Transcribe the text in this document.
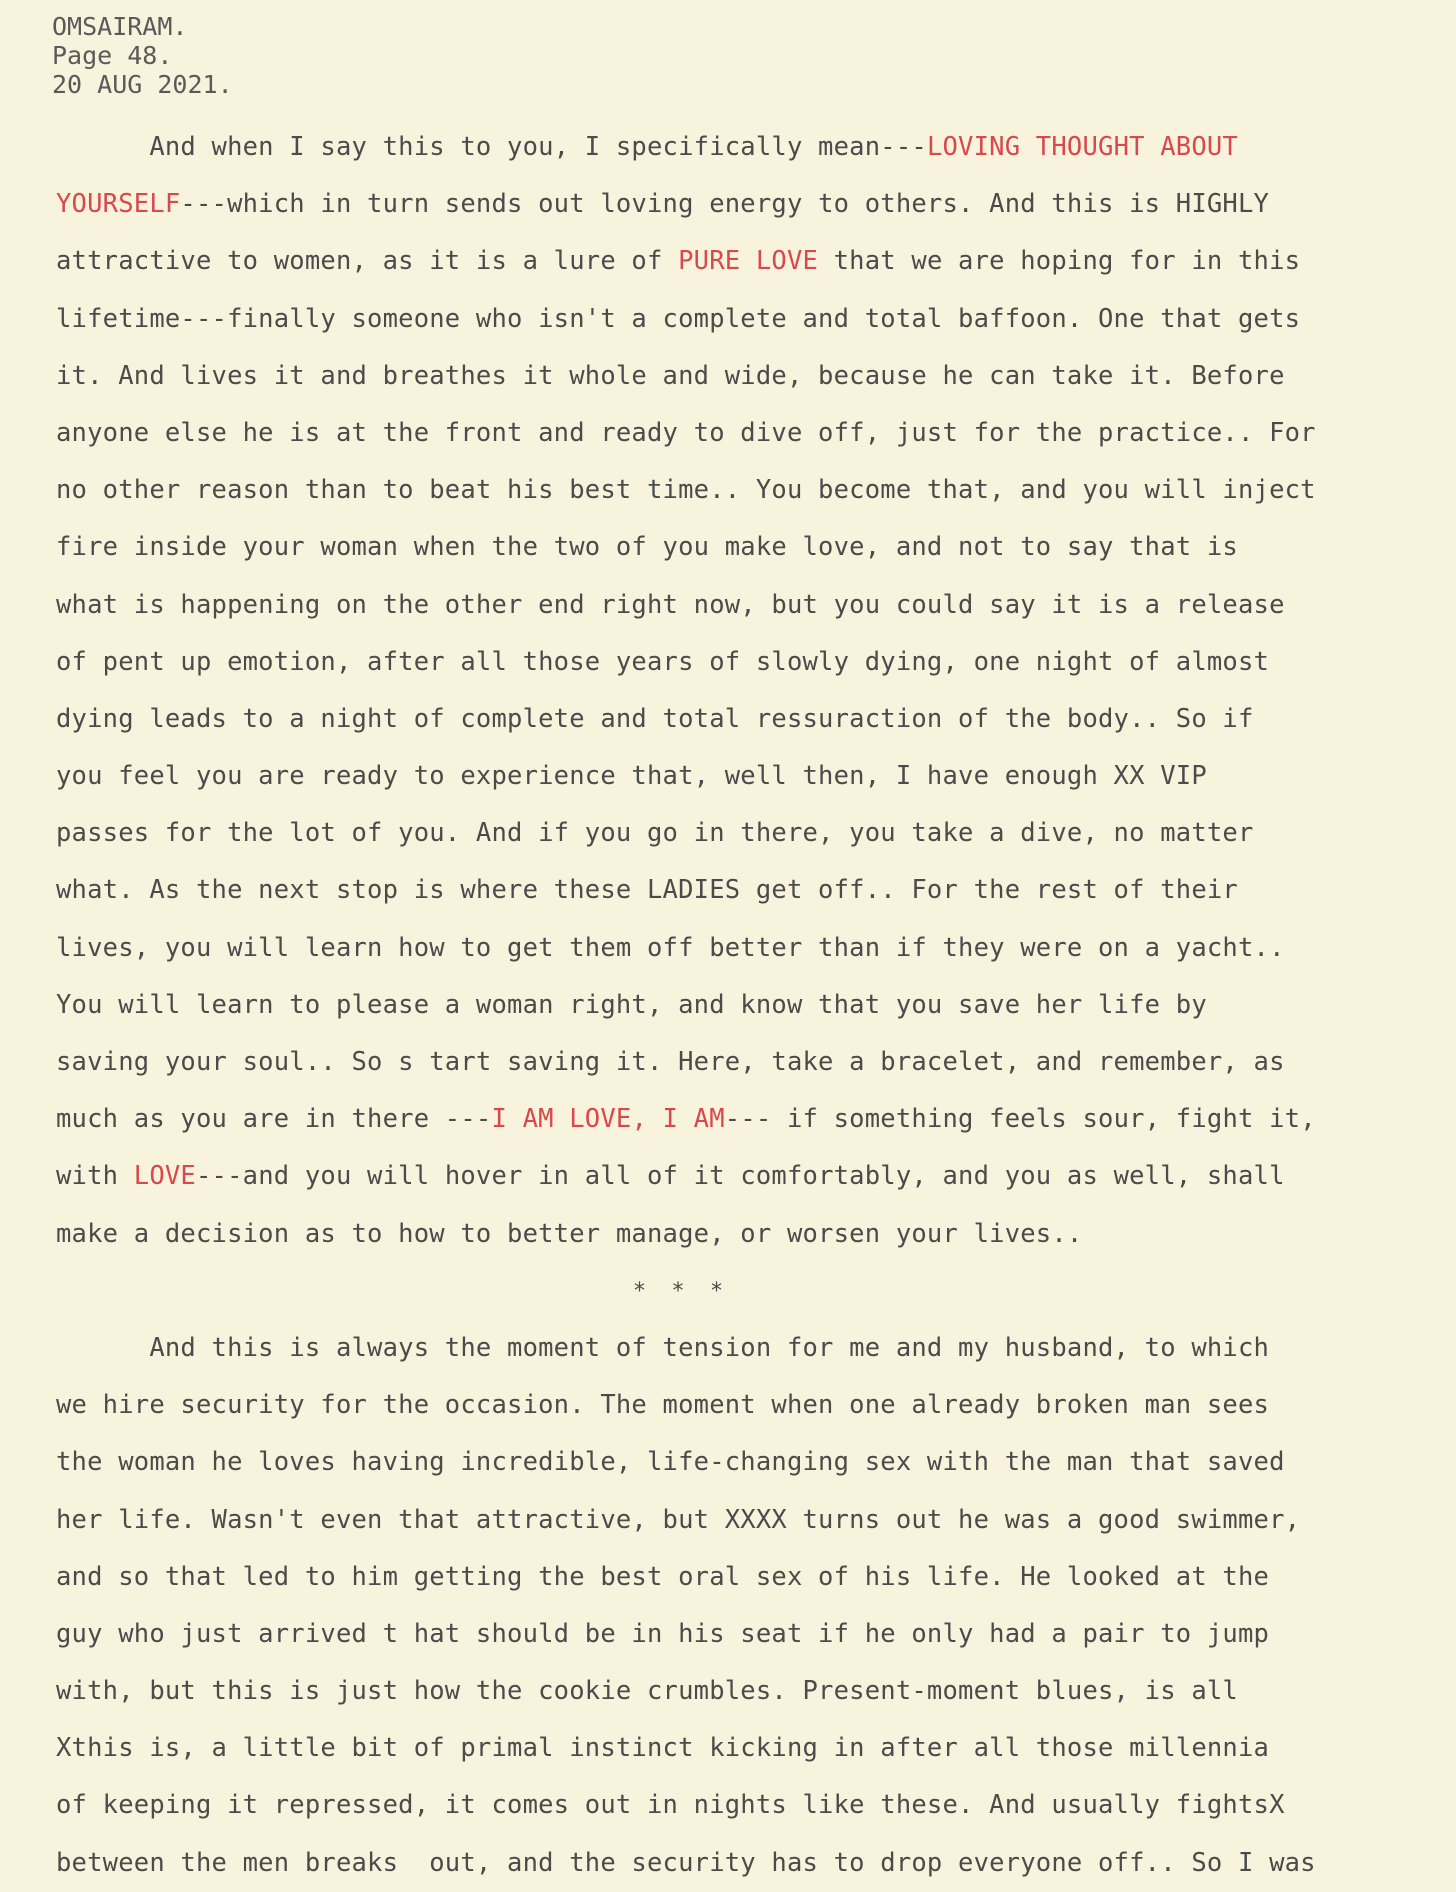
OMSAIRAM.
Page 48.
20 AUG 2021.
And when I say this to you, I specifically mean---LOVING THOUGHT ABOUT
YOURSELF---which in turn sends out loving energy to others. And this is HIGHLY
attractive to women, as it is a lure of PURE LOVE that we are hoping for in this
lifetime---finally someone who isn't a complete and total baffoon. One that gets
it. And lives it and breathes it whole and wide, because he can take it. Before
anyone else he is at the front and ready to dive off, just for the practice.. For
no other reason than to beat his best time.. You become that, and you will inject
fire inside your woman when the two of you make love, and not to say that is
what is happening on the other end right now, but you could say it is a release
of pent up emotion, after all those years of slowly dying, one night of almost
dying leads to a night of complete and total ressuraction of the body.. So if
you feel you are ready to experience that, well then, I have enough XX VIP
passes for the lot of you. And if you go in there, you take a dive, no matter
what. As the next stop is where these LADIES get off.. For the rest of their
lives, you will learn how to get them off better than if they were on a yacht..
You will learn to please a woman right, and know that you save her life by
saving your soul.. So s tart saving it. Here, take a bracelet, and remember, as
much as you are in there ---I AM LOVE, I AM--- if something feels sour, fight it,
with LOVE---and you will hover in all of it comfortably, and you as well, shall
make a decision as to how to better manage, or worsen your lives..
* * *
And this is always the moment of tension for me and my husband, to which
we hire security for the occasion. The moment when one already broken man sees
the woman he loves having incredible, life-changing sex with the man that saved
her life. Wasn't even that attractive, but XXXX turns out he was a good swimmer,
and so that led to him getting the best oral sex of his life. He looked at the
guy who just arrived t hat should be in his seat if he only had a pair to jump
with, but this is just how the cookie crumbles. Present-moment blues, is all
Xthis is, a little bit of primal instinct kicking in after all those millennia
of keeping it repressed, it comes out in nights like these. And usually fightsX
between the men breaks  out, and the security has to drop everyone off.. So I was
